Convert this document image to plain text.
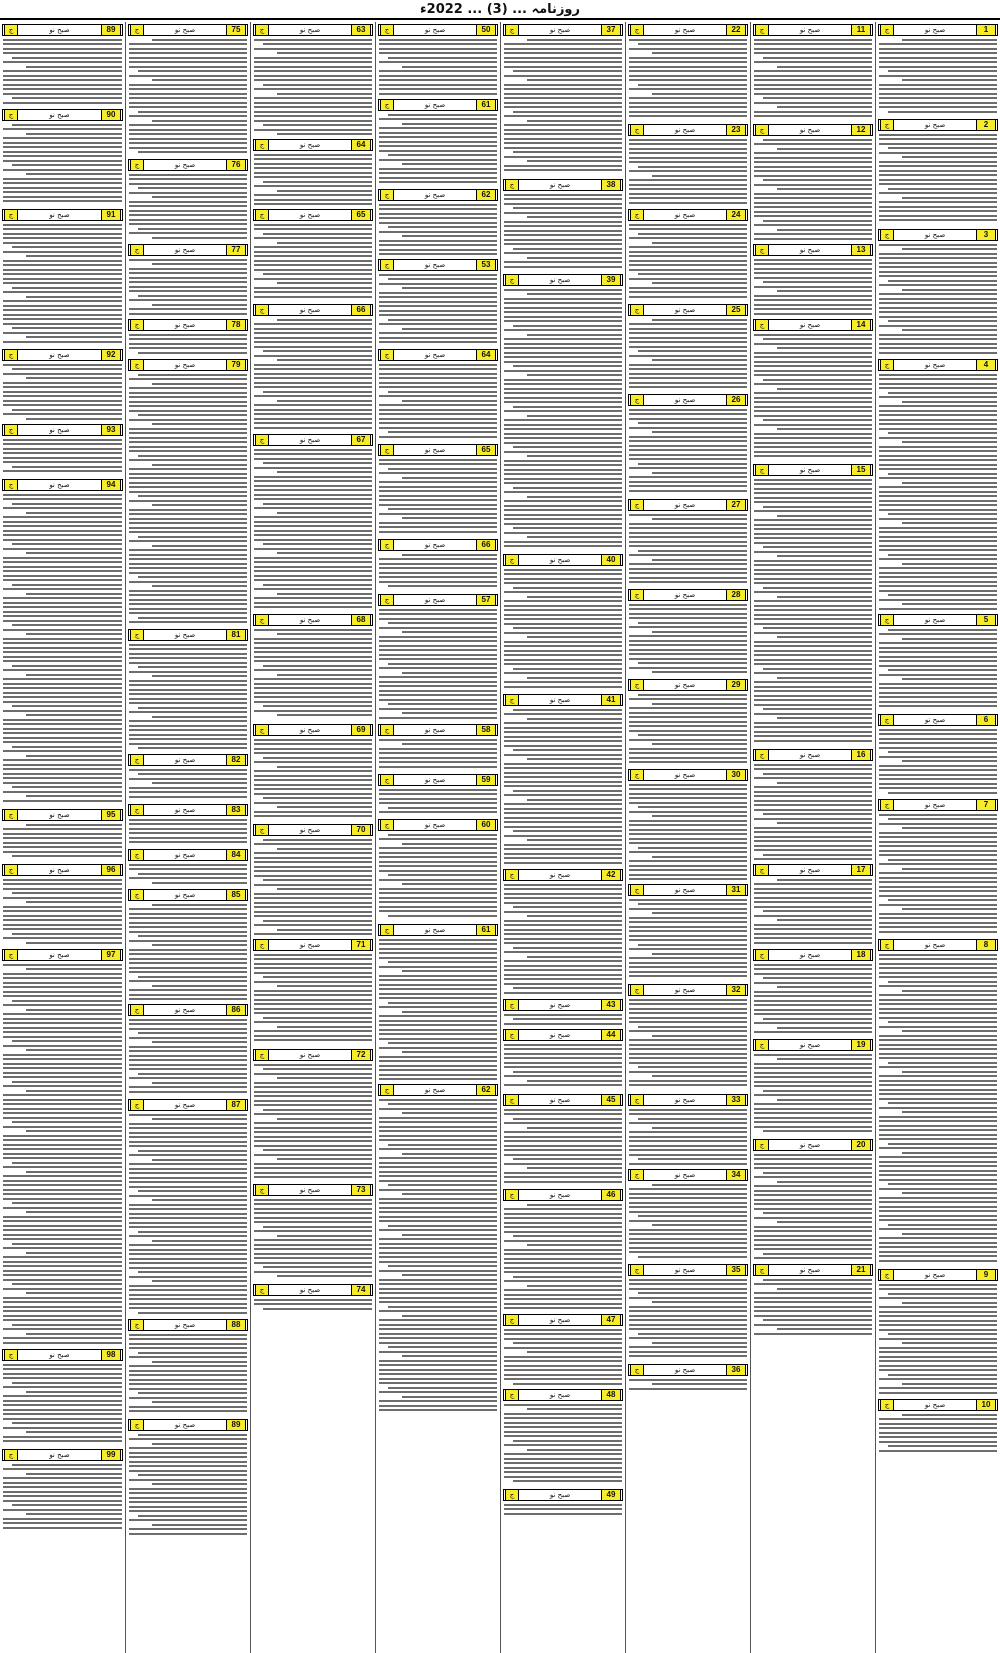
روزنامہ ... (3) ... 2022ء
ج	صبح نو	1
ج	صبح نو	2
ج	صبح نو	3
ج	صبح نو	4
ج	صبح نو	5
ج	صبح نو	6
ج	صبح نو	7
ج	صبح نو	8
ج	صبح نو	9
ج	صبح نو	10
ج	صبح نو	11
ج	صبح نو	12
ج	صبح نو	13
ج	صبح نو	14
ج	صبح نو	15
ج	صبح نو	16
ج	صبح نو	17
ج	صبح نو	18
ج	صبح نو	19
ج	صبح نو	20
ج	صبح نو	21
ج	صبح نو	22
ج	صبح نو	23
ج	صبح نو	24
ج	صبح نو	25
ج	صبح نو	26
ج	صبح نو	27
ج	صبح نو	28
ج	صبح نو	29
ج	صبح نو	30
ج	صبح نو	31
ج	صبح نو	32
ج	صبح نو	33
ج	صبح نو	34
ج	صبح نو	35
ج	صبح نو	36
ج	صبح نو	37
ج	صبح نو	38
ج	صبح نو	39
ج	صبح نو	40
ج	صبح نو	41
ج	صبح نو	42
ج	صبح نو	43
ج	صبح نو	44
ج	صبح نو	45
ج	صبح نو	46
ج	صبح نو	47
ج	صبح نو	48
ج	صبح نو	49
ج	صبح نو	50
ج	صبح نو	61
ج	صبح نو	62
ج	صبح نو	53
ج	صبح نو	64
ج	صبح نو	65
ج	صبح نو	66
ج	صبح نو	57
ج	صبح نو	58
ج	صبح نو	59
ج	صبح نو	60
ج	صبح نو	61
ج	صبح نو	62
ج	صبح نو	63
ج	صبح نو	64
ج	صبح نو	65
ج	صبح نو	66
ج	صبح نو	67
ج	صبح نو	68
ج	صبح نو	69
ج	صبح نو	70
ج	صبح نو	71
ج	صبح نو	72
ج	صبح نو	73
ج	صبح نو	74
ج	صبح نو	75
ج	صبح نو	76
ج	صبح نو	77
ج	صبح نو	78
ج	صبح نو	79
ج	صبح نو	81
ج	صبح نو	82
ج	صبح نو	83
ج	صبح نو	84
ج	صبح نو	85
ج	صبح نو	86
ج	صبح نو	87
ج	صبح نو	88
ج	صبح نو	89
ج	صبح نو	89
ج	صبح نو	90
ج	صبح نو	91
ج	صبح نو	92
ج	صبح نو	93
ج	صبح نو	94
ج	صبح نو	95
ج	صبح نو	96
ج	صبح نو	97
ج	صبح نو	98
ج	صبح نو	99
